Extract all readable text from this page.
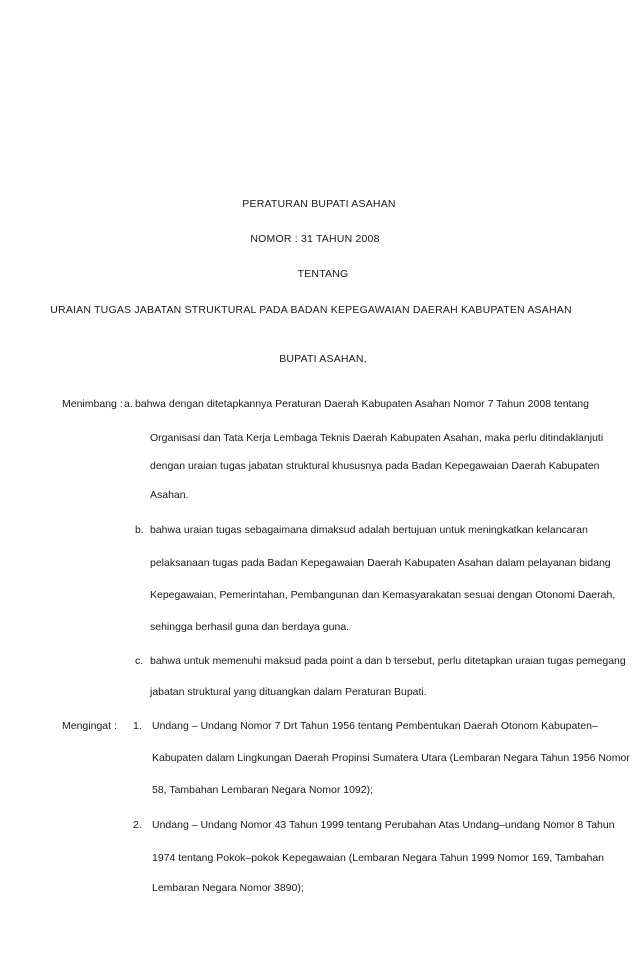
PERATURAN BUPATI ASAHAN
NOMOR : 31 TAHUN 2008
TENTANG
URAIAN TUGAS JABATAN STRUKTURAL PADA BADAN KEPEGAWAIAN DAERAH KABUPATEN ASAHAN
BUPATI ASAHAN,
Menimbang : a. bahwa dengan ditetapkannya Peraturan Daerah Kabupaten Asahan Nomor 7 Tahun 2008 tentang
Organisasi dan Tata Kerja Lembaga Teknis Daerah Kabupaten Asahan, maka perlu ditindaklanjuti
dengan uraian tugas jabatan struktural khususnya pada Badan Kepegawaian Daerah Kabupaten
Asahan.
b. bahwa uraian tugas sebagaimana dimaksud adalah bertujuan untuk meningkatkan kelancaran
pelaksanaan tugas pada Badan Kepegawaian Daerah Kabupaten Asahan dalam pelayanan bidang
Kepegawaian, Pemerintahan, Pembangunan dan Kemasyarakatan sesuai dengan Otonomi Daerah,
sehingga berhasil guna dan berdaya guna.
c. bahwa untuk memenuhi maksud pada point a dan b tersebut, perlu ditetapkan uraian tugas pemegang
jabatan struktural yang dituangkan dalam Peraturan Bupati.
Mengingat : 1. Undang – Undang Nomor 7 Drt Tahun 1956 tentang Pembentukan Daerah Otonom Kabupaten–
Kabupaten dalam Lingkungan Daerah Propinsi Sumatera Utara (Lembaran Negara Tahun 1956 Nomor
58, Tambahan Lembaran Negara Nomor 1092);
2. Undang – Undang Nomor 43 Tahun 1999 tentang Perubahan Atas Undang–undang Nomor 8 Tahun
1974 tentang Pokok–pokok Kepegawaian (Lembaran Negara Tahun 1999 Nomor 169, Tambahan
Lembaran Negara Nomor 3890);
